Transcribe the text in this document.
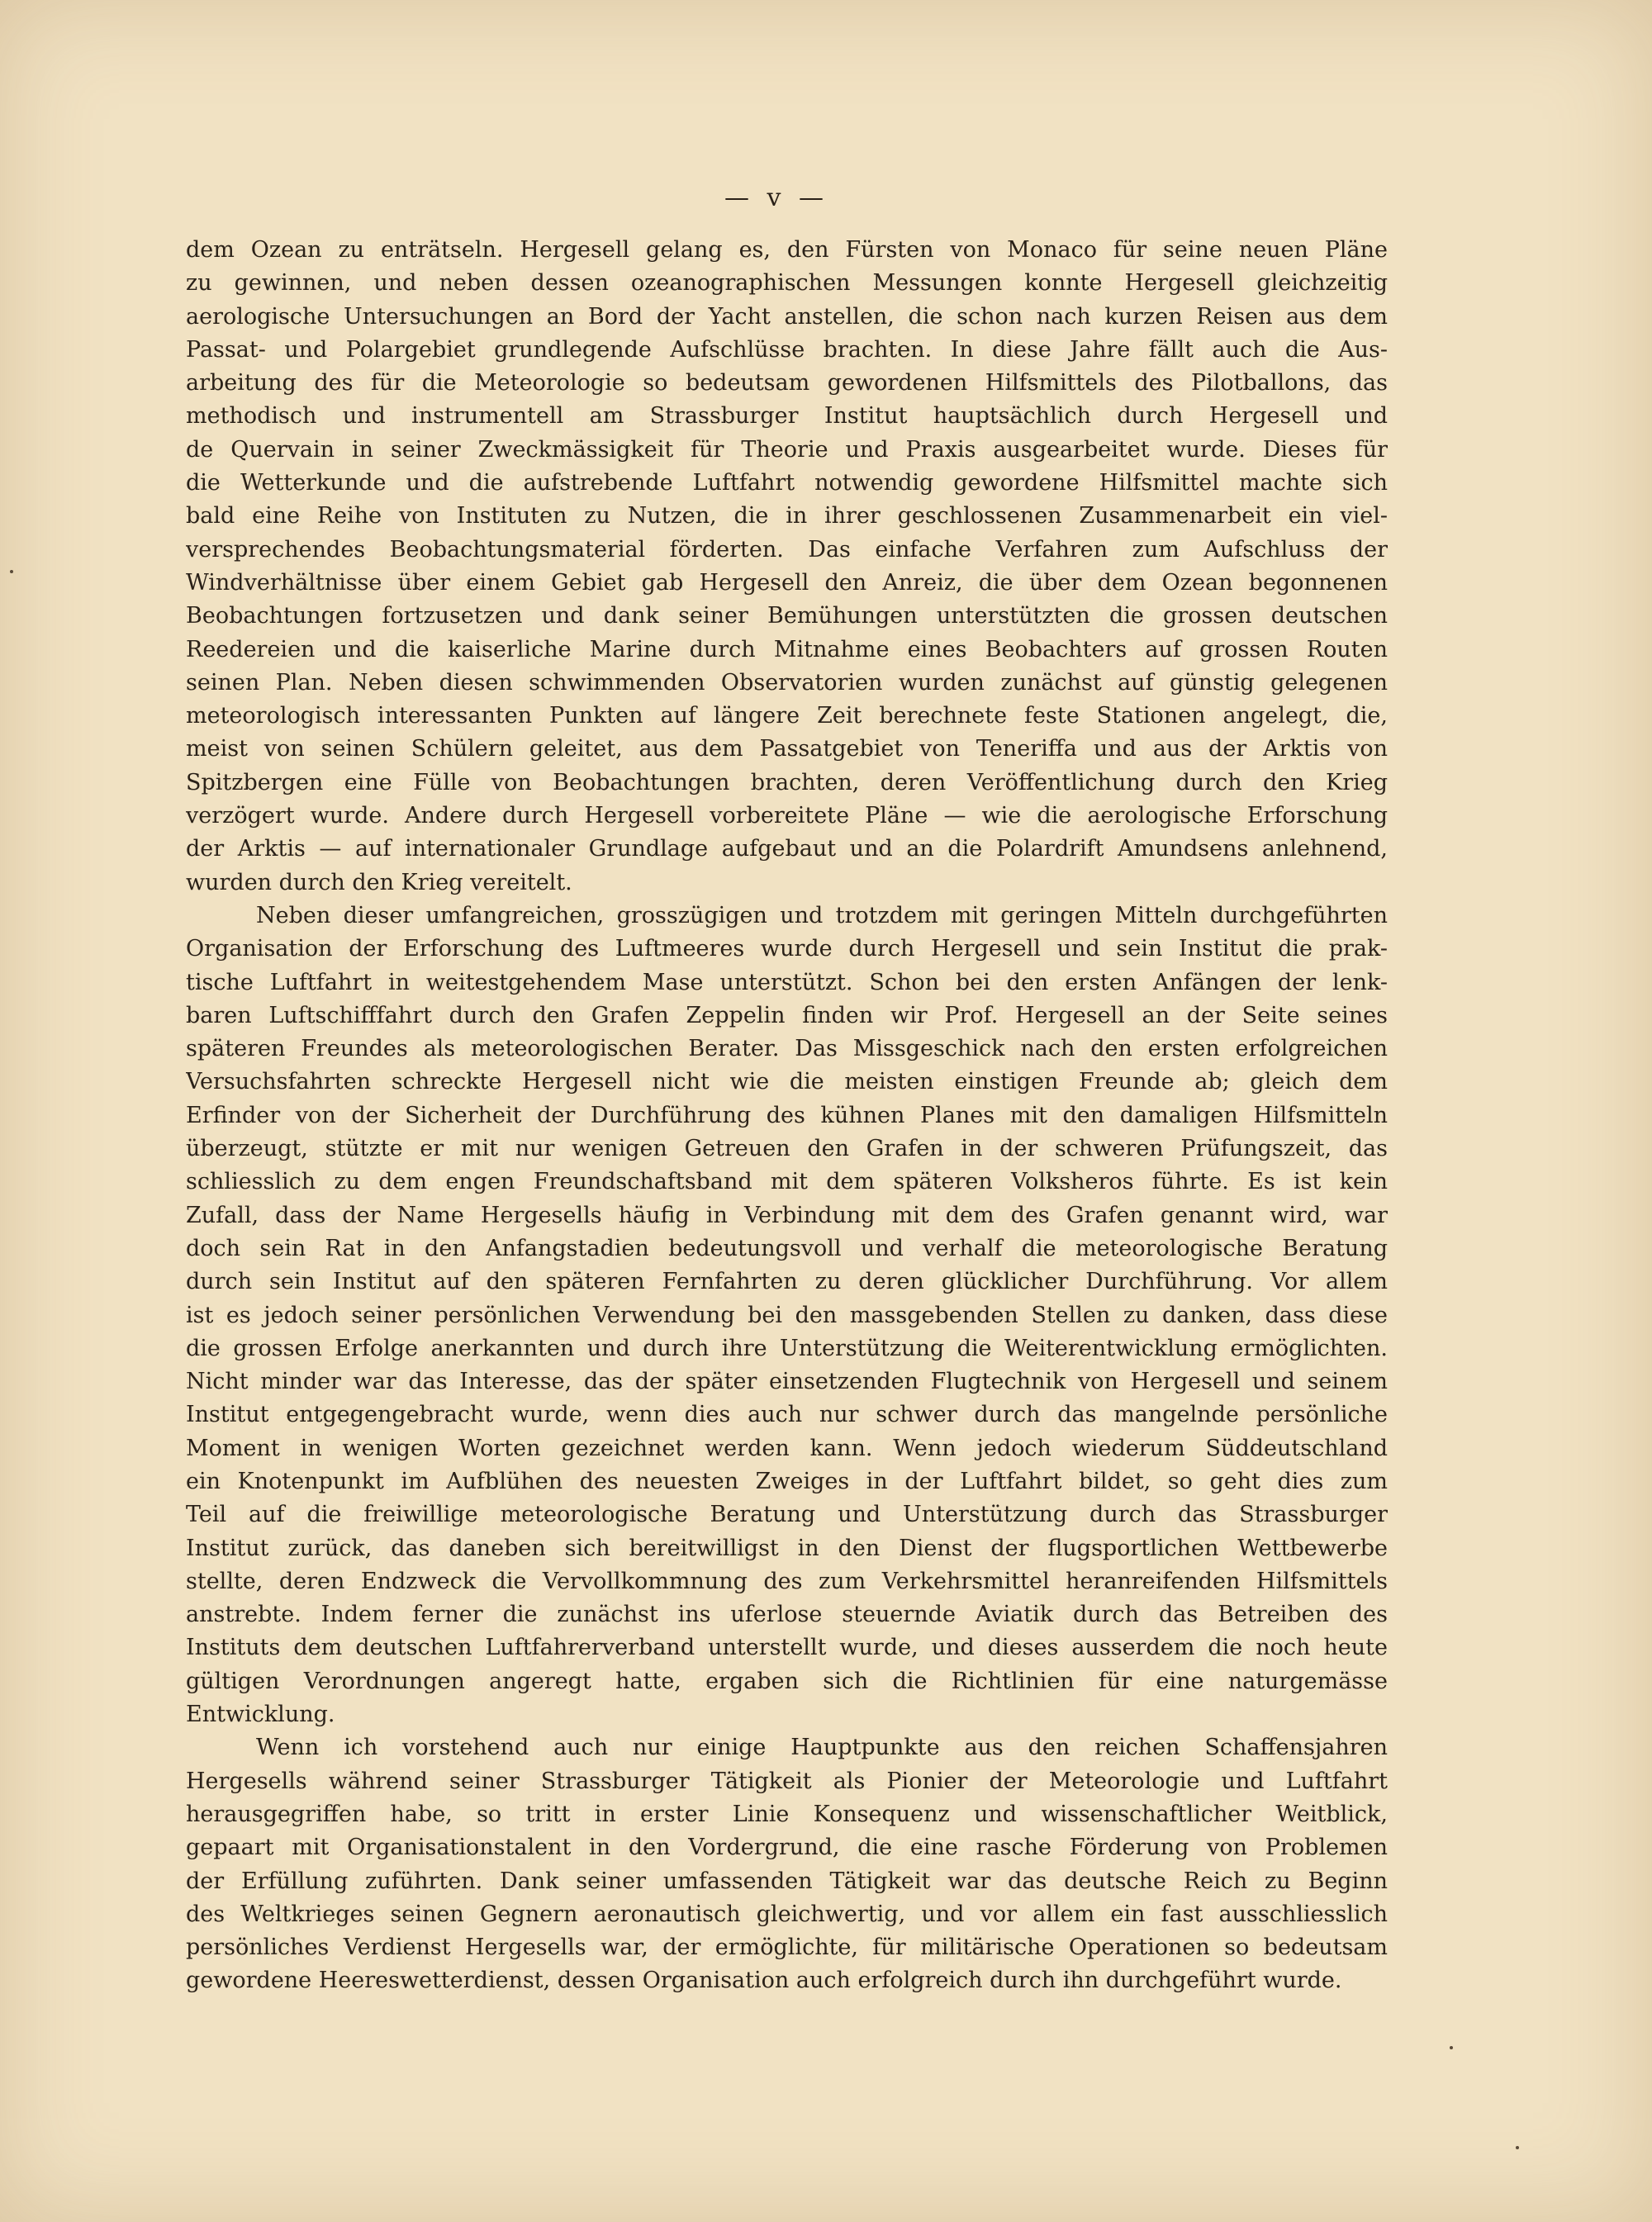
— v —
dem Ozean zu enträtseln. Hergesell gelang es, den Fürsten von Monaco für seine neuen Pläne
zu gewinnen, und neben dessen ozeanographischen Messungen konnte Hergesell gleichzeitig
aerologische Untersuchungen an Bord der Yacht anstellen, die schon nach kurzen Reisen aus dem
Passat- und Polargebiet grundlegende Aufschlüsse brachten. In diese Jahre fällt auch die Aus-
arbeitung des für die Meteorologie so bedeutsam gewordenen Hilfsmittels des Pilotballons, das
methodisch und instrumentell am Strassburger Institut hauptsächlich durch Hergesell und
de Quervain in seiner Zweckmässigkeit für Theorie und Praxis ausgearbeitet wurde. Dieses für
die Wetterkunde und die aufstrebende Luftfahrt notwendig gewordene Hilfsmittel machte sich
bald eine Reihe von Instituten zu Nutzen, die in ihrer geschlossenen Zusammenarbeit ein viel-
versprechendes Beobachtungsmaterial förderten. Das einfache Verfahren zum Aufschluss der
Windverhältnisse über einem Gebiet gab Hergesell den Anreiz, die über dem Ozean begonnenen
Beobachtungen fortzusetzen und dank seiner Bemühungen unterstützten die grossen deutschen
Reedereien und die kaiserliche Marine durch Mitnahme eines Beobachters auf grossen Routen
seinen Plan. Neben diesen schwimmenden Observatorien wurden zunächst auf günstig gelegenen
meteorologisch interessanten Punkten auf längere Zeit berechnete feste Stationen angelegt, die,
meist von seinen Schülern geleitet, aus dem Passatgebiet von Teneriffa und aus der Arktis von
Spitzbergen eine Fülle von Beobachtungen brachten, deren Veröffentlichung durch den Krieg
verzögert wurde. Andere durch Hergesell vorbereitete Pläne — wie die aerologische Erforschung
der Arktis — auf internationaler Grundlage aufgebaut und an die Polardrift Amundsens anlehnend,
wurden durch den Krieg vereitelt.
Neben dieser umfangreichen, grosszügigen und trotzdem mit geringen Mitteln durchgeführten
Organisation der Erforschung des Luftmeeres wurde durch Hergesell und sein Institut die prak-
tische Luftfahrt in weitestgehendem Mase unterstützt. Schon bei den ersten Anfängen der lenk-
baren Luftschifffahrt durch den Grafen Zeppelin finden wir Prof. Hergesell an der Seite seines
späteren Freundes als meteorologischen Berater. Das Missgeschick nach den ersten erfolgreichen
Versuchsfahrten schreckte Hergesell nicht wie die meisten einstigen Freunde ab; gleich dem
Erfinder von der Sicherheit der Durchführung des kühnen Planes mit den damaligen Hilfsmitteln
überzeugt, stützte er mit nur wenigen Getreuen den Grafen in der schweren Prüfungszeit, das
schliesslich zu dem engen Freundschaftsband mit dem späteren Volksheros führte. Es ist kein
Zufall, dass der Name Hergesells häufig in Verbindung mit dem des Grafen genannt wird, war
doch sein Rat in den Anfangstadien bedeutungsvoll und verhalf die meteorologische Beratung
durch sein Institut auf den späteren Fernfahrten zu deren glücklicher Durchführung. Vor allem
ist es jedoch seiner persönlichen Verwendung bei den massgebenden Stellen zu danken, dass diese
die grossen Erfolge anerkannten und durch ihre Unterstützung die Weiterentwicklung ermöglichten.
Nicht minder war das Interesse, das der später einsetzenden Flugtechnik von Hergesell und seinem
Institut entgegengebracht wurde, wenn dies auch nur schwer durch das mangelnde persönliche
Moment in wenigen Worten gezeichnet werden kann. Wenn jedoch wiederum Süddeutschland
ein Knotenpunkt im Aufblühen des neuesten Zweiges in der Luftfahrt bildet, so geht dies zum
Teil auf die freiwillige meteorologische Beratung und Unterstützung durch das Strassburger
Institut zurück, das daneben sich bereitwilligst in den Dienst der flugsportlichen Wettbewerbe
stellte, deren Endzweck die Vervollkommnung des zum Verkehrsmittel heranreifenden Hilfsmittels
anstrebte. Indem ferner die zunächst ins uferlose steuernde Aviatik durch das Betreiben des
Instituts dem deutschen Luftfahrerverband unterstellt wurde, und dieses ausserdem die noch heute
gültigen Verordnungen angeregt hatte, ergaben sich die Richtlinien für eine naturgemässe
Entwicklung.
Wenn ich vorstehend auch nur einige Hauptpunkte aus den reichen Schaffensjahren
Hergesells während seiner Strassburger Tätigkeit als Pionier der Meteorologie und Luftfahrt
herausgegriffen habe, so tritt in erster Linie Konsequenz und wissenschaftlicher Weitblick,
gepaart mit Organisationstalent in den Vordergrund, die eine rasche Förderung von Problemen
der Erfüllung zuführten. Dank seiner umfassenden Tätigkeit war das deutsche Reich zu Beginn
des Weltkrieges seinen Gegnern aeronautisch gleichwertig, und vor allem ein fast ausschliesslich
persönliches Verdienst Hergesells war, der ermöglichte, für militärische Operationen so bedeutsam
gewordene Heereswetterdienst, dessen Organisation auch erfolgreich durch ihn durchgeführt wurde.
